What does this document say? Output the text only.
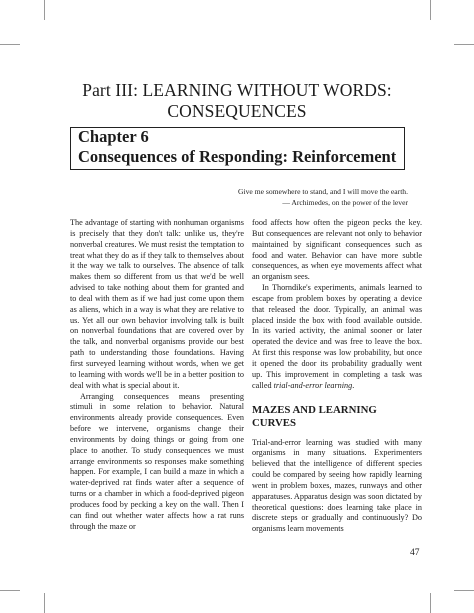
Part III: LEARNING WITHOUT WORDS:
CONSEQUENCES
Chapter 6
Consequences of Responding: Reinforcement
Give me somewhere to stand, and I will move the earth.
— Archimedes, on the power of the lever

The advantage of starting with nonhuman organisms is precisely that they don't talk: unlike us, they're nonverbal creatures. We must resist the temptation to treat what they do as if they talk to themselves about it the way we talk to ourselves. The absence of talk makes them so different from us that we'd be well advised to take nothing about them for granted and to deal with them as if we had just come upon them as aliens, which in a way is what they are relative to us. Yet all our own behavior involving talk is built on nonverbal foundations that are covered over by the talk, and nonverbal organisms provide our best path to understanding those foundations. Having first surveyed learning without words, when we get to learning with words we'll be in a better position to deal with what is special about it.

Arranging consequences means presenting stimuli in some relation to behavior. Natural environments already provide consequences. Even before we intervene, organisms change their environments by doing things or going from one place to another. To study consequences we must arrange environments so responses make something happen. For example, I can build a maze in which a water-deprived rat finds water after a sequence of turns or a chamber in which a food-deprived pigeon produces food by pecking a key on the wall. Then I can find out whether water affects how a rat runs through the maze or

food affects how often the pigeon pecks the key. But consequences are relevant not only to behavior maintained by significant consequences such as food and water. Behavior can have more subtle consequences, as when eye movements affect what an organism sees.

In Thorndike's experiments, animals learned to escape from problem boxes by operating a device that released the door. Typically, an animal was placed inside the box with food available outside. In its varied activity, the animal sooner or later operated the device and was free to leave the box. At first this response was low probability, but once it opened the door its probability gradually went up. This improvement in completing a task was called trial-and-error learning.

MAZES AND LEARNING CURVES

Trial-and-error learning was studied with many organisms in many situations. Experimenters believed that the intelligence of different species could be compared by seeing how rapidly learning went in problem boxes, mazes, runways and other apparatuses. Apparatus design was soon dictated by theoretical questions: does learning take place in discrete steps or gradually and continuously? Do organisms learn movements

47
